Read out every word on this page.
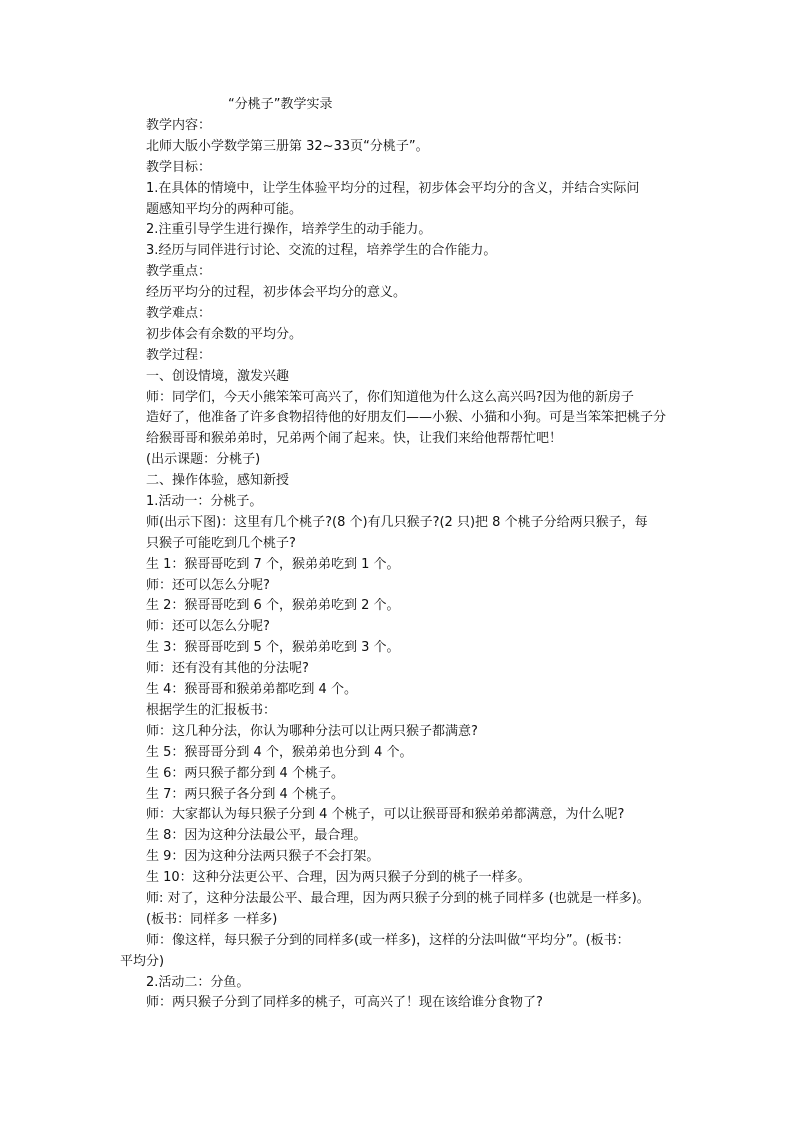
“分桃子”教学实录
教学内容：
北师大版小学数学第三册第 32~33页“分桃子”。
教学目标：
1.在具体的情境中，让学生体验平均分的过程，初步体会平均分的含义，并结合实际问
题感知平均分的两种可能。
2.注重引导学生进行操作，培养学生的动手能力。
3.经历与同伴进行讨论、交流的过程，培养学生的合作能力。
教学重点：
经历平均分的过程，初步体会平均分的意义。
教学难点：
初步体会有余数的平均分。
教学过程：
一、创设情境，激发兴趣
师：同学们，今天小熊笨笨可高兴了，你们知道他为什么这么高兴吗?因为他的新房子
造好了，他准备了许多食物招待他的好朋友们——小猴、小猫和小狗。可是当笨笨把桃子分
给猴哥哥和猴弟弟时，兄弟两个闹了起来。快，让我们来给他帮帮忙吧！
(出示课题：分桃子)
二、操作体验，感知新授
1.活动一：分桃子。
师(出示下图)：这里有几个桃子?(8 个)有几只猴子?(2 只)把 8 个桃子分给两只猴子，每
只猴子可能吃到几个桃子?
生 1：猴哥哥吃到 7 个，猴弟弟吃到 1 个。
师：还可以怎么分呢?
生 2：猴哥哥吃到 6 个，猴弟弟吃到 2 个。
师：还可以怎么分呢?
生 3：猴哥哥吃到 5 个，猴弟弟吃到 3 个。
师：还有没有其他的分法呢?
生 4：猴哥哥和猴弟弟都吃到 4 个。
根据学生的汇报板书：
师：这几种分法，你认为哪种分法可以让两只猴子都满意?
生 5：猴哥哥分到 4 个，猴弟弟也分到 4 个。
生 6：两只猴子都分到 4 个桃子。
生 7：两只猴子各分到 4 个桃子。
师：大家都认为每只猴子分到 4 个桃子，可以让猴哥哥和猴弟弟都满意，为什么呢?
生 8：因为这种分法最公平，最合理。
生 9：因为这种分法两只猴子不会打架。
生 10：这种分法更公平、合理，因为两只猴子分到的桃子一样多。
师: 对了，这种分法最公平、最合理，因为两只猴子分到的桃子同样多 (也就是一样多)。
(板书：同样多 一样多)
师：像这样，每只猴子分到的同样多(或一样多)，这样的分法叫做“平均分”。(板书：
平均分)
2.活动二：分鱼。
师：两只猴子分到了同样多的桃子，可高兴了！现在该给谁分食物了?
